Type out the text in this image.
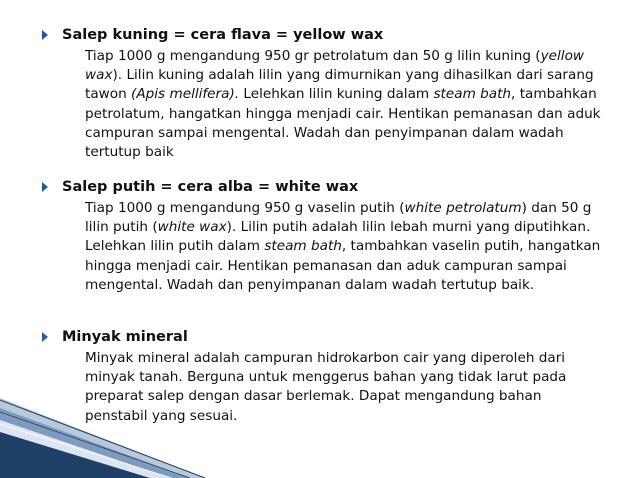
Salep kuning = cera flava = yellow wax
Tiap 1000 g mengandung 950 gr petrolatum dan 50 g lilin kuning (yellow wax). Lilin kuning adalah lilin yang dimurnikan yang dihasilkan dari sarang tawon (Apis mellifera). Lelehkan lilin kuning dalam steam bath, tambahkan petrolatum, hangatkan hingga menjadi cair. Hentikan pemanasan dan aduk campuran sampai mengental. Wadah dan penyimpanan dalam wadah tertutup baik
Salep putih = cera alba = white wax
Tiap 1000 g mengandung 950 g vaselin putih (white petrolatum) dan 50 g lilin putih (white wax). Lilin putih adalah lilin lebah murni yang diputihkan. Lelehkan lilin putih dalam steam bath, tambahkan vaselin putih, hangatkan hingga menjadi cair. Hentikan pemanasan dan aduk campuran sampai mengental. Wadah dan penyimpanan dalam wadah tertutup baik.
Minyak mineral
Minyak mineral adalah campuran hidrokarbon cair yang diperoleh dari minyak tanah. Berguna untuk menggerus bahan yang tidak larut pada preparat salep dengan dasar berlemak. Dapat mengandung bahan penstabil yang sesuai.
